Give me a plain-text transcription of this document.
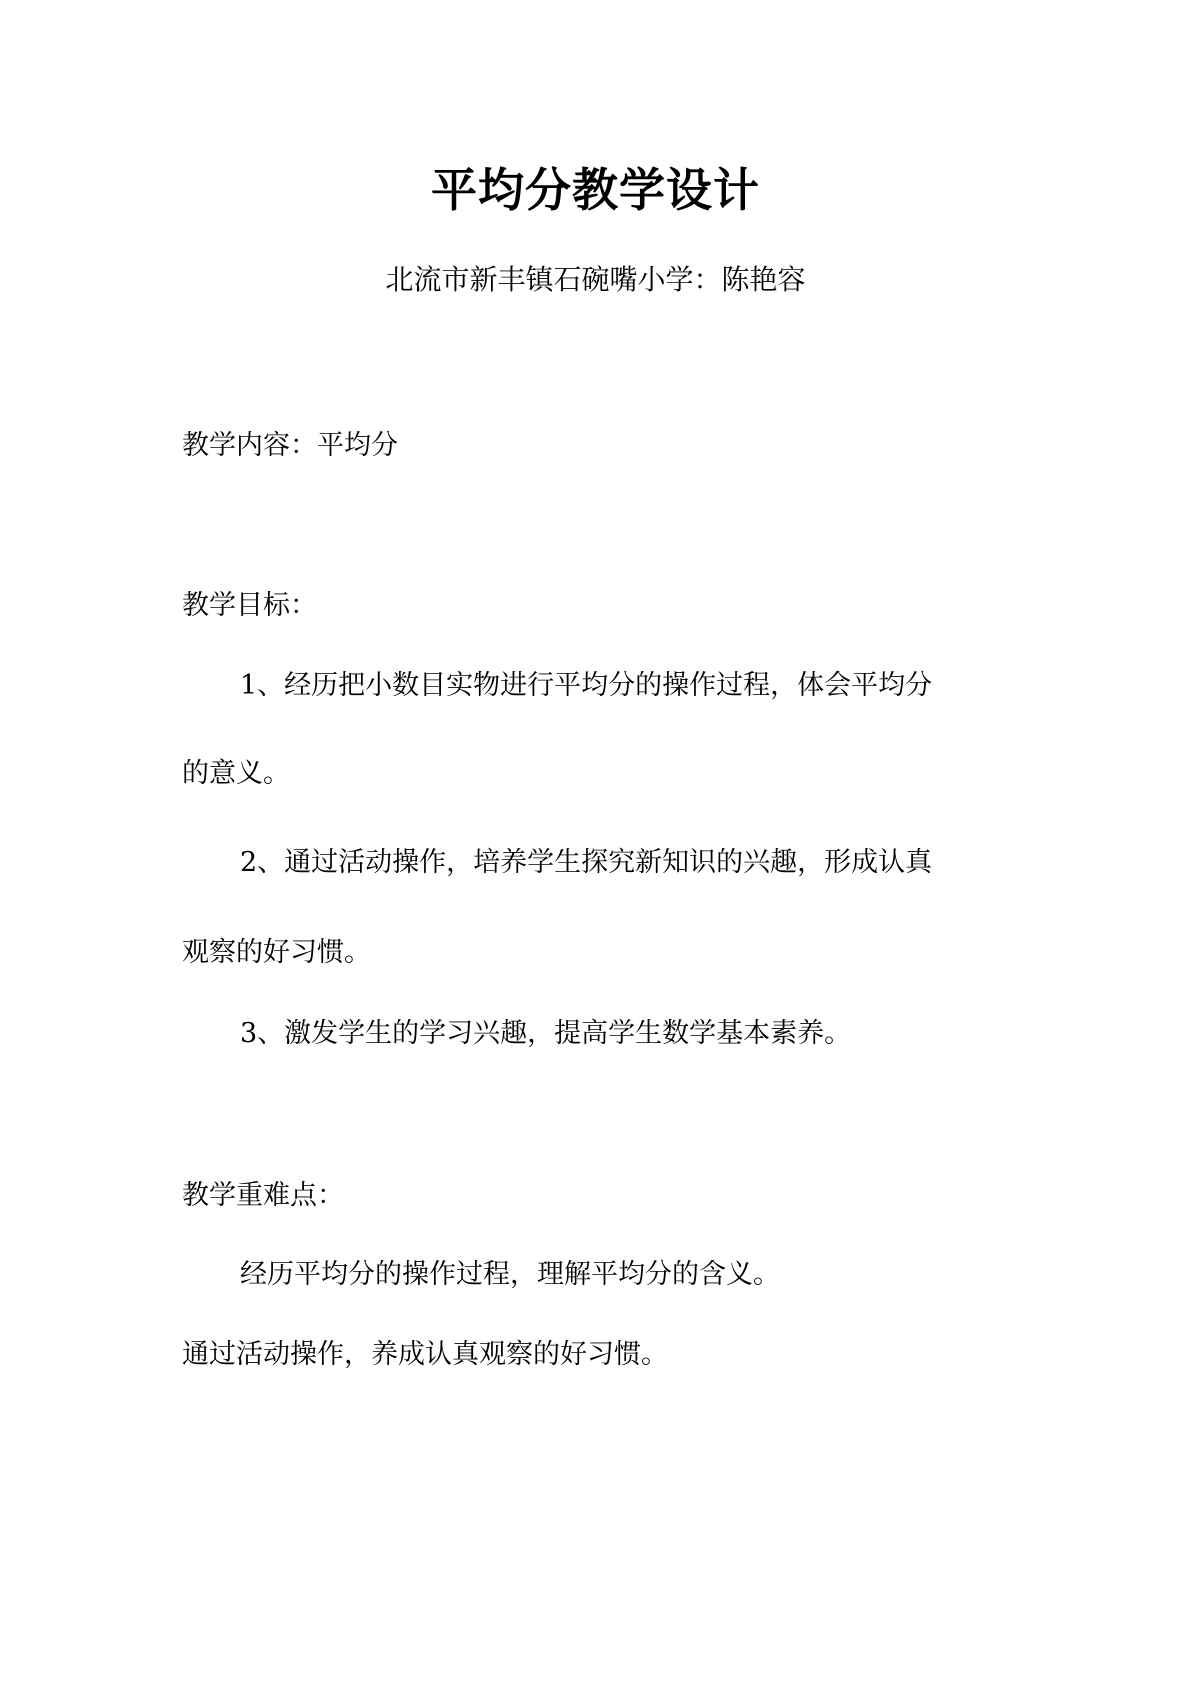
平均分教学设计
北流市新丰镇石碗嘴小学：陈艳容
教学内容：平均分
教学目标：
1、经历把小数目实物进行平均分的操作过程，体会平均分
的意义。
2、通过活动操作，培养学生探究新知识的兴趣，形成认真
观察的好习惯。
3、激发学生的学习兴趣，提高学生数学基本素养。
教学重难点：
经历平均分的操作过程，理解平均分的含义。
通过活动操作，养成认真观察的好习惯。
